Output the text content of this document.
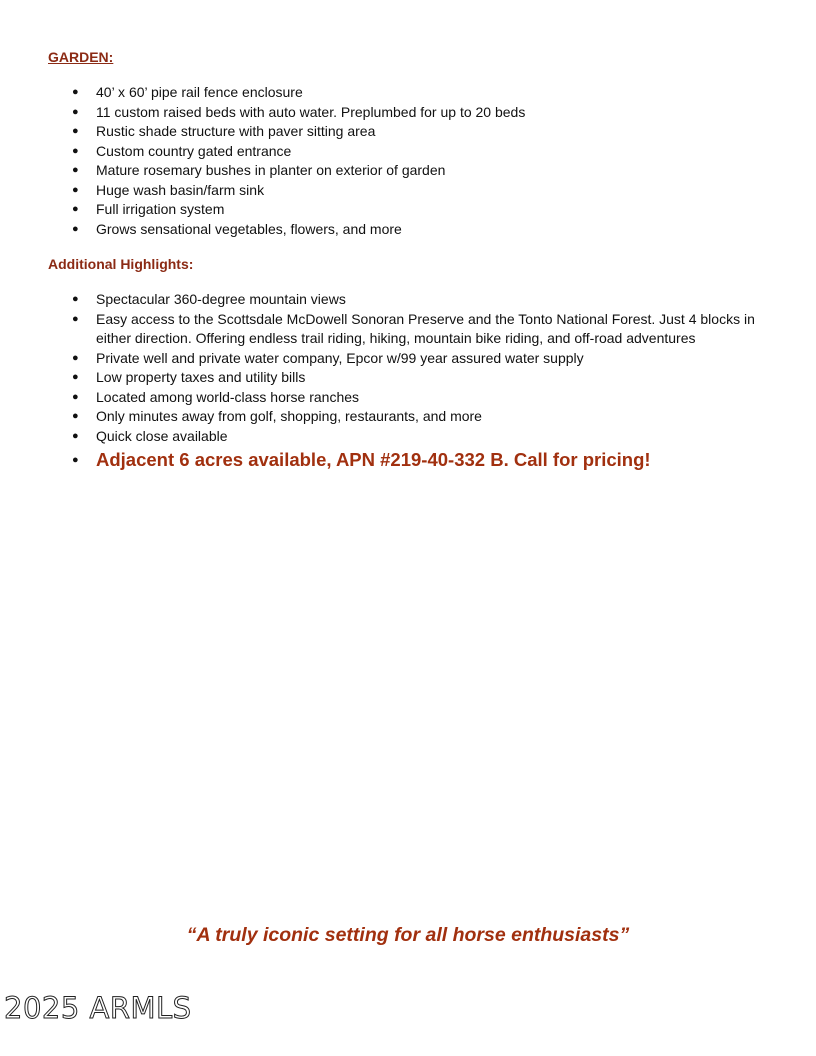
GARDEN:
● 40’ x 60’ pipe rail fence enclosure
● 11 custom raised beds with auto water. Preplumbed for up to 20 beds
● Rustic shade structure with paver sitting area
● Custom country gated entrance
● Mature rosemary bushes in planter on exterior of garden
● Huge wash basin/farm sink
● Full irrigation system
● Grows sensational vegetables, flowers, and more
Additional Highlights:
● Spectacular 360-degree mountain views
● Easy access to the Scottsdale McDowell Sonoran Preserve and the Tonto National Forest. Just 4 blocks in either direction. Offering endless trail riding, hiking, mountain bike riding, and off-road adventures
● Private well and private water company, Epcor w/99 year assured water supply
● Low property taxes and utility bills
● Located among world-class horse ranches
● Only minutes away from golf, shopping, restaurants, and more
● Quick close available
● Adjacent 6 acres available, APN #219-40-332 B. Call for pricing!

“A truly iconic setting for all horse enthusiasts”

2025 ARMLS
